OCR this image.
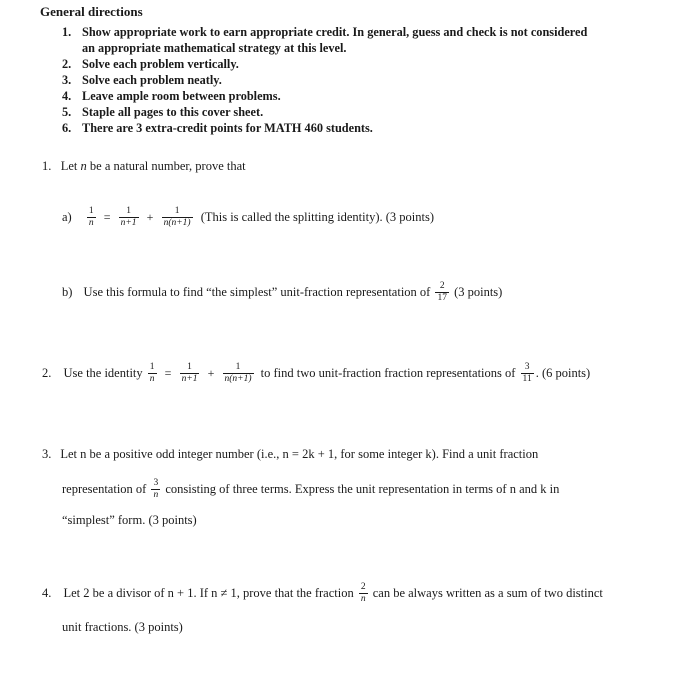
General directions
1. Show appropriate work to earn appropriate credit. In general, guess and check is not considered
an appropriate mathematical strategy at this level.
2. Solve each problem vertically.
3. Solve each problem neatly.
4. Leave ample room between problems.
5. Staple all pages to this cover sheet.
6. There are 3 extra-credit points for MATH 460 students.
1. Let n be a natural number, prove that
$a) \frac{1}{n} = \frac{1}{n+1} + \frac{1}{n(n+1)}$ (This is called the splitting identity). (3 points)
b) Use this formula to find “the simplest” unit-fraction representation of $\frac{2}{17} (3$ points)
2. Use the identity $\frac{1}{n} = \frac{1}{n+1} + \frac{1}{n(n+1)}$ to find two unit-fraction fraction representations of $\frac{3}{11}$ . (6 points)
3. Let n be a positive odd integer number (i.e., n = 2k + 1, for some integer k). Find a unit fraction
representation of $\frac{3}{n}$ consisting of three terms. Express the unit representation in terms of n and k in
“simplest” form. (3 points)
4. Let 2 be a divisor of n + 1. If n ≠ 1, prove that the fraction $\frac{2}{n}$ can be always written as a sum of two distinct
unit fractions. (3 points)
